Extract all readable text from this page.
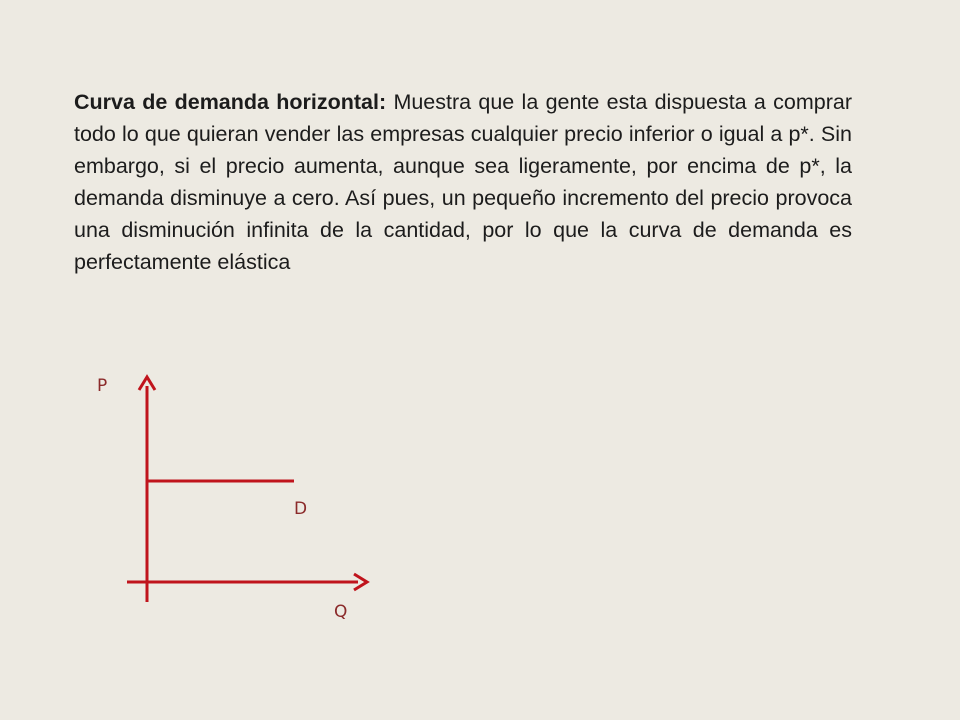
Curva de demanda horizontal: Muestra que la gente esta dispuesta a comprar todo lo que quieran vender las empresas cualquier precio inferior o igual a p*. Sin embargo, si el precio aumenta, aunque sea ligeramente, por encima de p*, la demanda disminuye a cero. Así pues, un pequeño incremento del precio provoca una disminución infinita de la cantidad, por lo que la curva de demanda es perfectamente elástica

P
D
Q
